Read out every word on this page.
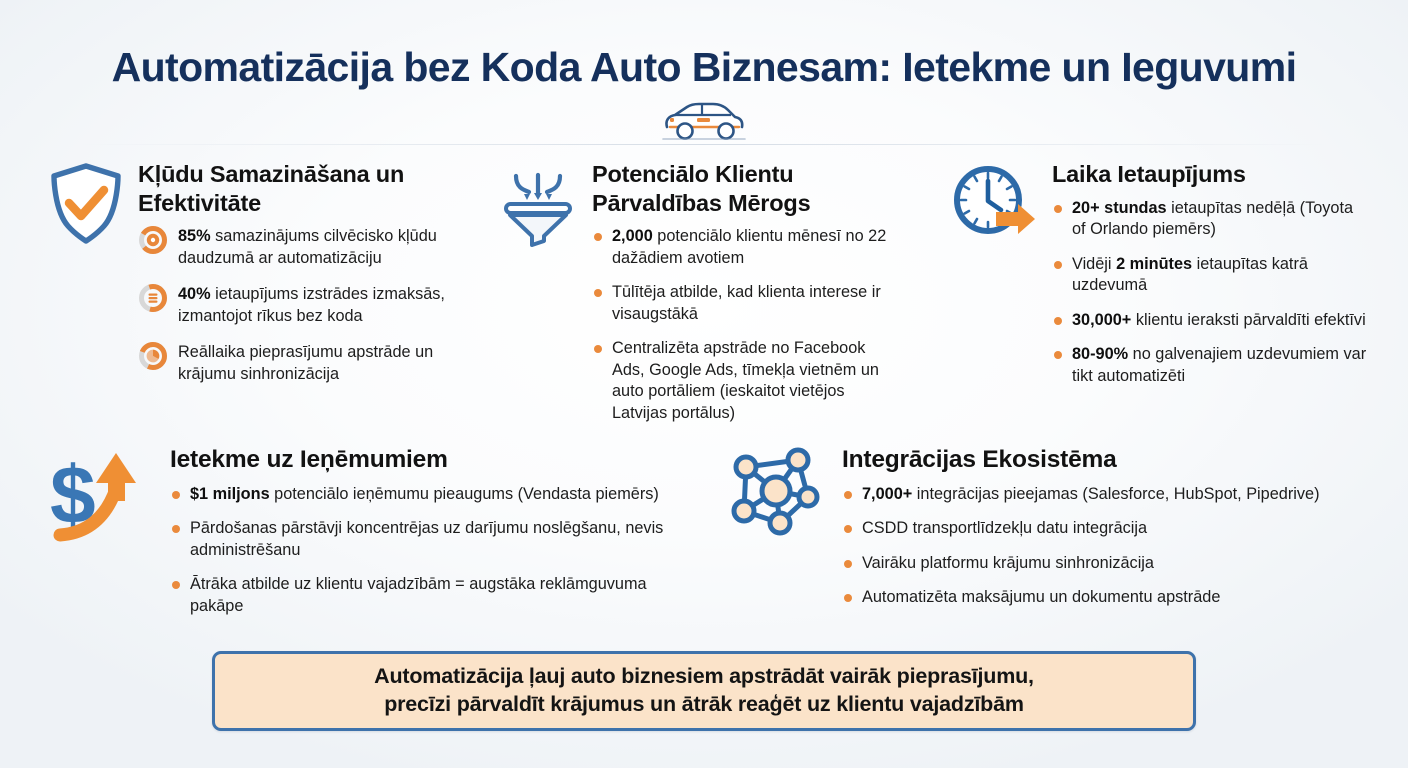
Automatizācija bez Koda Auto Biznesam: Ietekme un Ieguvumi
Kļūdu Samazināšana un Efektivitāte
85% samazinājums cilvēcisko kļūdu daudzumā ar automatizāciju
40% ietaupījums izstrādes izmaksās, izmantojot rīkus bez koda
Reāllaika pieprasījumu apstrāde un krājumu sinhronizācija
Potenciālo Klientu Pārvaldības Mērogs
2,000 potenciālo klientu mēnesī no 22 dažādiem avotiem
Tūlītēja atbilde, kad klienta interese ir visaugstākā
Centralizēta apstrāde no Facebook Ads, Google Ads, tīmekļa vietnēm un auto portāliem (ieskaitot vietējos Latvijas portālus)
Laika Ietaupījums
20+ stundas ietaupītas nedēļā (Toyota of Orlando piemērs)
Vidēji 2 minūtes ietaupītas katrā uzdevumā
30,000+ klientu ieraksti pārvaldīti efektīvi
80-90% no galvenajiem uzdevumiem var tikt automatizēti
$	Ietekme uz Ieņēmumiem
$1 miljons potenciālo ieņēmumu pieaugums (Vendasta piemērs)
Pārdošanas pārstāvji koncentrējas uz darījumu noslēgšanu, nevis administrēšanu
Ātrāka atbilde uz klientu vajadzībām = augstāka reklāmguvuma pakāpe
Integrācijas Ekosistēma
7,000+ integrācijas pieejamas (Salesforce, HubSpot, Pipedrive)
CSDD transportlīdzekļu datu integrācija
Vairāku platformu krājumu sinhronizācija
Automatizēta maksājumu un dokumentu apstrāde

Automatizācija ļauj auto biznesiem apstrādāt vairāk pieprasījumu,
precīzi pārvaldīt krājumus un ātrāk reaģēt uz klientu vajadzībām
